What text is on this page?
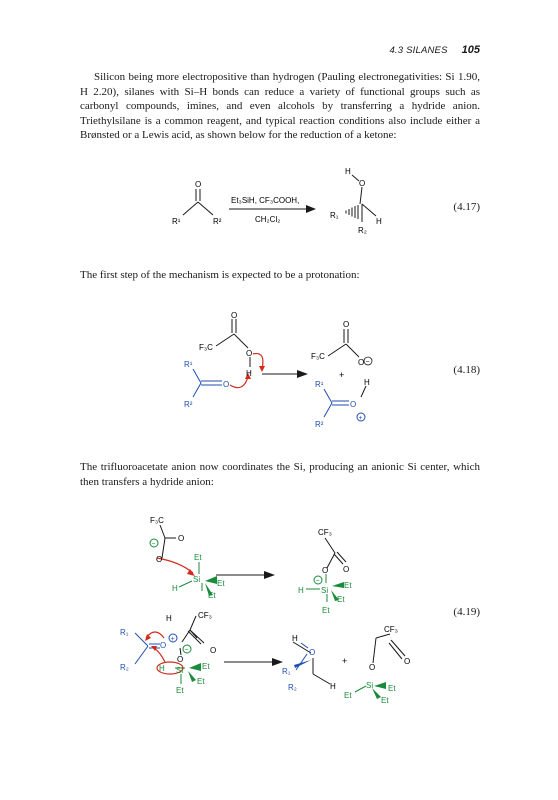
4.3 SILANES 105

Silicon being more electropositive than hydrogen (Pauling electronegativities: Si 1.90, H 2.20), silanes with Si–H bonds can reduce a variety of functional groups such as carbonyl compounds, imines, and even alcohols by transferring a hydride anion. Triethylsilane is a common reagent, and typical reaction conditions also include either a Brønsted or a Lewis acid, as shown below for the reduction of a ketone:

O
R¹	R²
Et₃SiH, CF₃COOH,
CH₂Cl₂
H
O
R₁
H
R₂
(4.17)

The first step of the mechanism is expected to be a protonation:

F₃C
O
O
H
R¹
O
R²
F₃C
O
O −
+
H
R¹
O
+
R²
(4.18)

The trifluoroacetate anion now coordinates the Si, producing an anionic Si center, which then transfers a hydride anion:

F₃C
O
O
−
Et
Si
H
Et
Et
CF₃
O
O
−
Si
H
Et
Et
Et
H	CF₃
R₁
O
+
O
O
−
R₂	H Si Et
Et
Et
H
O
R₁
H
R₂
+
CF₃
O
O
Si
Et
Et
Et
(4.19)
